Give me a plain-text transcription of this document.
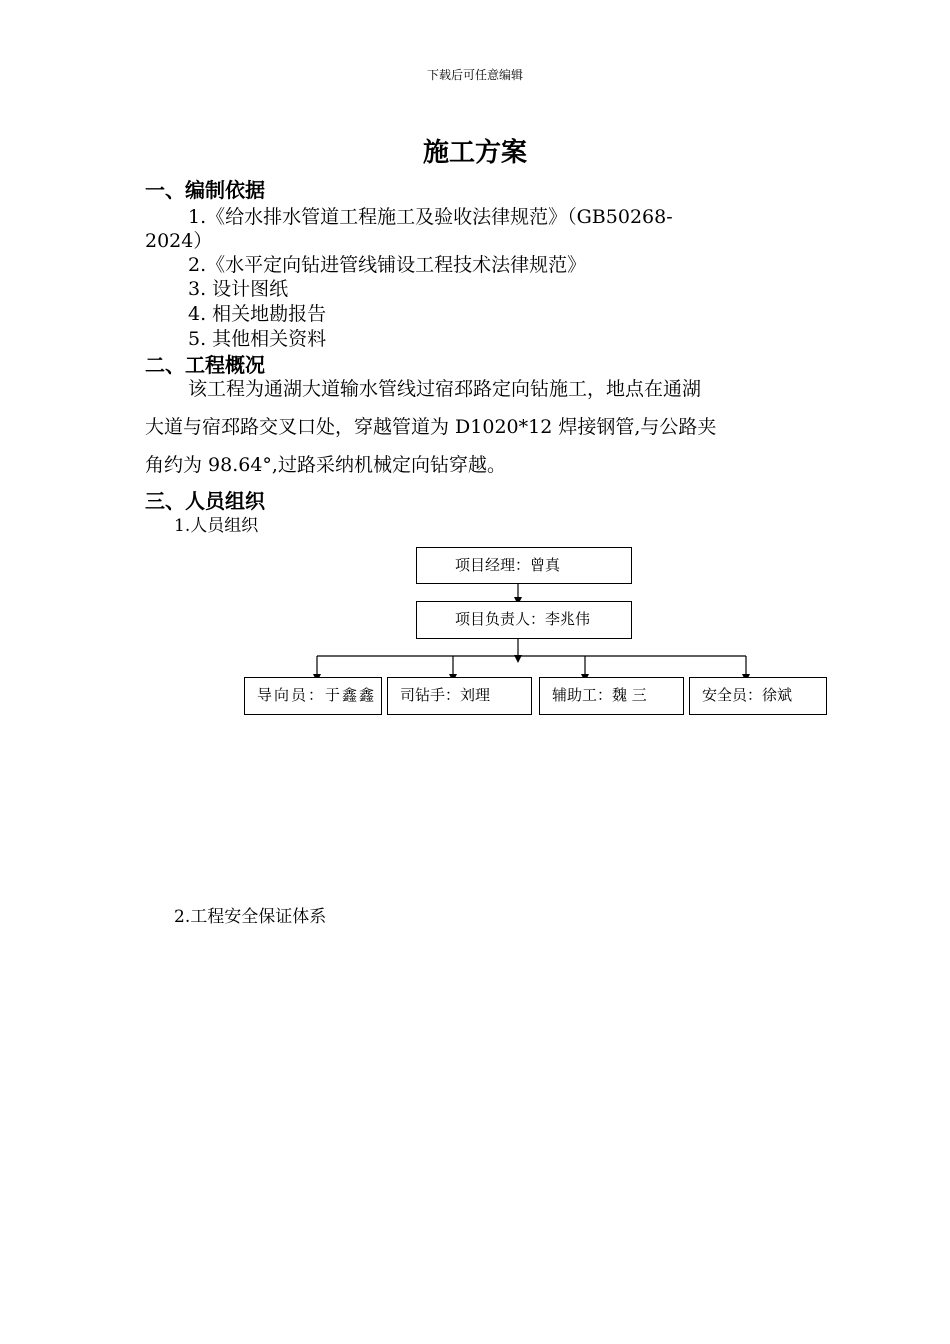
下载后可任意编辑
施工方案
一、编制依据
1.《给水排水管道工程施工及验收法律规范》（GB50268-
2024）
2.《水平定向钻进管线铺设工程技术法律规范》
3. 设计图纸
4. 相关地勘报告
5. 其他相关资料
二、工程概况
该工程为通湖大道输水管线过宿邳路定向钻施工，地点在通湖
大道与宿邳路交叉口处，穿越管道为 D1020*12 焊接钢管,与公路夹
角约为 98.64°,过路采纳机械定向钻穿越。
三、人员组织
1.人员组织
项目经理：曾真
项目负责人：李兆伟
导向员：于鑫鑫	司钻手：刘理	辅助工：魏 三	安全员：徐斌
2.工程安全保证体系
